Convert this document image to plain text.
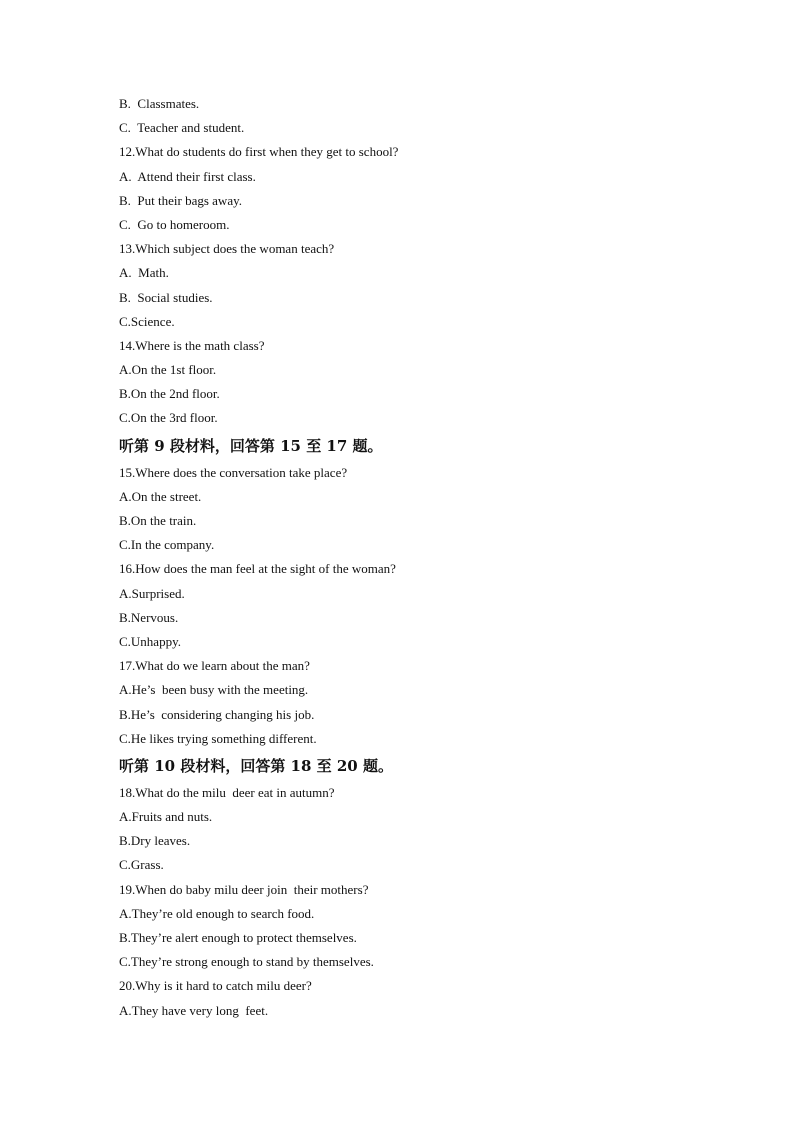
B.  Classmates.
C.  Teacher and student.
12.What do students do first when they get to school?
A.  Attend their first class.
B.  Put their bags away.
C.  Go to homeroom.
13.Which subject does the woman teach?
A.  Math.
B.  Social studies.
C.Science.
14.Where is the math class?
A.On the 1st floor.
B.On the 2nd floor.
C.On the 3rd floor.
听第 9 段材料，回答第 15 至 17 题。
15.Where does the conversation take place?
A.On the street.
B.On the train.
C.In the company.
16.How does the man feel at the sight of the woman?
A.Surprised.
B.Nervous.
C.Unhappy.
17.What do we learn about the man?
A.He’s  been busy with the meeting.
B.He’s  considering changing his job.
C.He likes trying something different.
听第 10 段材料，回答第 18 至 20 题。
18.What do the milu  deer eat in autumn?
A.Fruits and nuts.
B.Dry leaves.
C.Grass.
19.When do baby milu deer join  their mothers?
A.They’re old enough to search food.
B.They’re alert enough to protect themselves.
C.They’re strong enough to stand by themselves.
20.Why is it hard to catch milu deer?
A.They have very long  feet.
